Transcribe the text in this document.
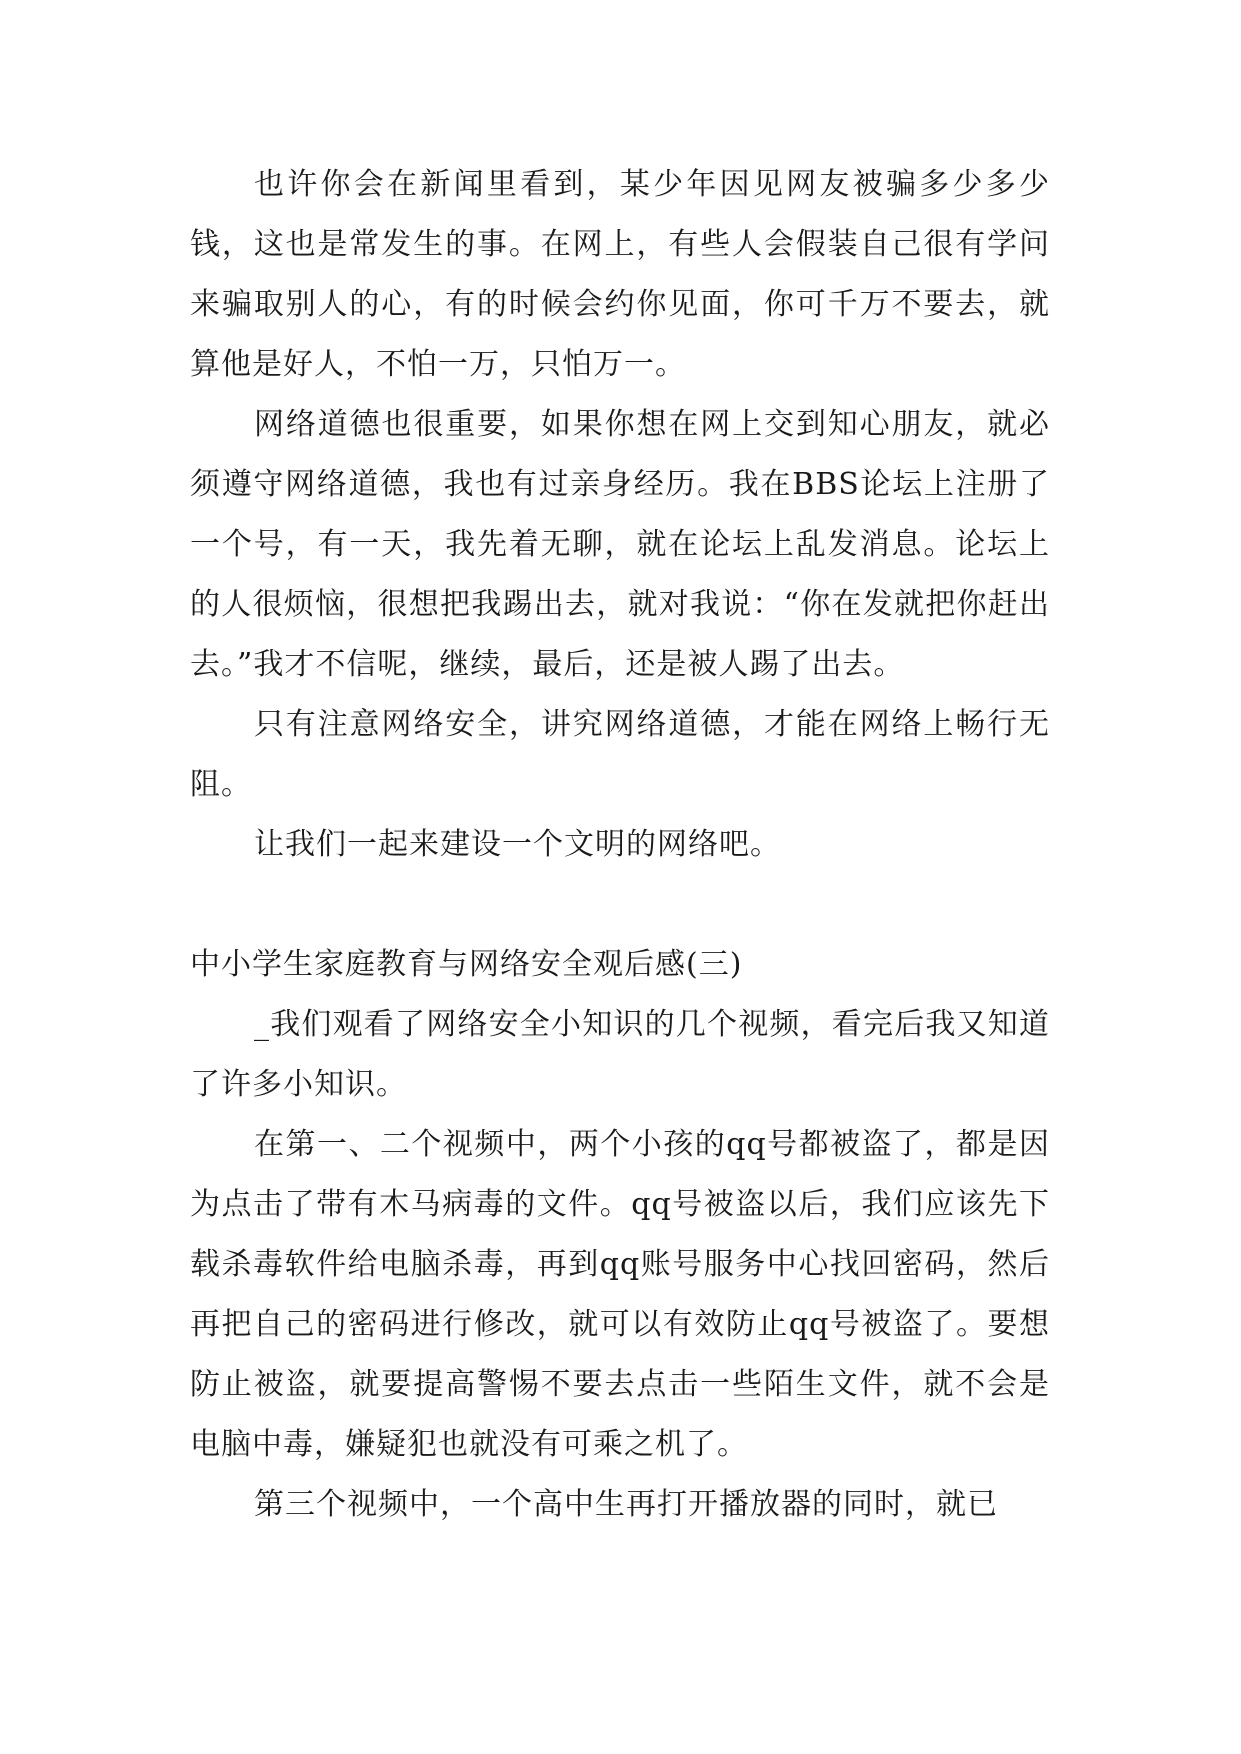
也许你会在新闻里看到，某少年因见网友被骗多少多少钱，这也是常发生的事。在网上，有些人会假装自己很有学问来骗取别人的心，有的时候会约你见面，你可千万不要去，就算他是好人，不怕一万，只怕万一。

网络道德也很重要，如果你想在网上交到知心朋友，就必须遵守网络道德，我也有过亲身经历。我在BBS论坛上注册了一个号，有一天，我先着无聊，就在论坛上乱发消息。论坛上的人很烦恼，很想把我踢出去，就对我说：“你在发就把你赶出去。”我才不信呢，继续，最后，还是被人踢了出去。

只有注意网络安全，讲究网络道德，才能在网络上畅行无阻。

让我们一起来建设一个文明的网络吧。

中小学生家庭教育与网络安全观后感(三)

_我们观看了网络安全小知识的几个视频，看完后我又知道了许多小知识。

在第一、二个视频中，两个小孩的qq号都被盗了，都是因为点击了带有木马病毒的文件。qq号被盗以后，我们应该先下载杀毒软件给电脑杀毒，再到qq账号服务中心找回密码，然后再把自己的密码进行修改，就可以有效防止qq号被盗了。要想防止被盗，就要提高警惕不要去点击一些陌生文件，就不会是电脑中毒，嫌疑犯也就没有可乘之机了。

第三个视频中，一个高中生再打开播放器的同时，就已
